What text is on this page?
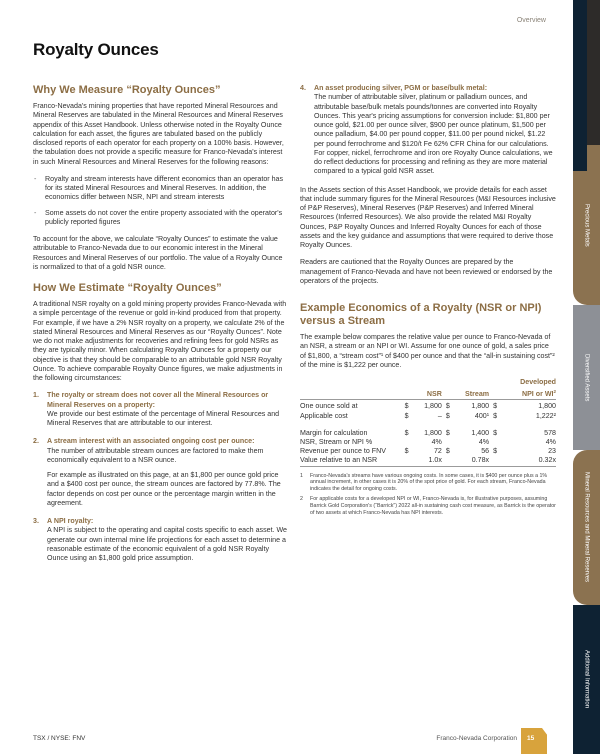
Overview
Royalty Ounces
Why We Measure “Royalty Ounces”

Franco-Nevada's mining properties that have reported Mineral Resources and Mineral Reserves are tabulated in the Mineral Resources and Mineral Reserves appendix of this Asset Handbook. Unless otherwise noted in the Royalty Ounce calculation for each asset, the figures are tabulated based on the publicly disclosed reports of each operator for each property on a 100% basis. However, the tabulation does not provide a specific measure for Franco-Nevada's interest in such Mineral Resources and Mineral Reserves for the following reasons:

- Royalty and stream interests have different economics than an operator has for its stated Mineral Resources and Mineral Reserves. In addition, the economics differ between NSR, NPI and stream interests
- Some assets do not cover the entire property associated with the operator's publicly reported figures

To account for the above, we calculate “Royalty Ounces” to estimate the value attributable to Franco-Nevada due to our economic interest in the Mineral Resources and Mineral Reserves of our portfolio. The value of a Royalty Ounce is normalized to that of a gold NSR ounce.

How We Estimate “Royalty Ounces”

A traditional NSR royalty on a gold mining property provides Franco-Nevada with a simple percentage of the revenue or gold in-kind produced from that property. For example, if we have a 2% NSR royalty on a property, we calculate 2% of the stated Mineral Resources and Mineral Reserves as our “Royalty Ounces”. Note we do not make adjustments for recoveries and refining fees for gold NSRs as they are typically minor. When calculating Royalty Ounces for a property our objective is that they should be comparable to an attributable gold NSR Royalty Ounce. To achieve comparable Royalty Ounce figures, we make adjustments in the following circumstances:

1. The royalty or stream does not cover all the Mineral Resources or Mineral Reserves on a property:

We provide our best estimate of the percentage of Mineral Resources and Mineral Reserves that are attributable to our interest.

2. A stream interest with an associated ongoing cost per ounce:

The number of attributable stream ounces are factored to make them economically equivalent to a NSR ounce.

For example as illustrated on this page, at an $1,800 per ounce gold price and a $400 cost per ounce, the stream ounces are factored by 77.8%. The factor depends on cost per ounce or the percentage margin written in the agreement.

3. A NPI royalty:

A NPI is subject to the operating and capital costs specific to each asset. We generate our own internal mine life projections for each asset to determine a reasonable estimate of the economic equivalent of a gold NSR Royalty Ounce using an $1,800 gold price assumption.

4. An asset producing silver, PGM or base/bulk metal:

The number of attributable silver, platinum or palladium ounces, and attributable base/bulk metals pounds/tonnes are converted into Royalty Ounces. This year's pricing assumptions for conversion include: $1,800 per ounce gold, $21.00 per ounce silver, $900 per ounce platinum, $1,500 per ounce palladium, $4.00 per pound copper, $11.00 per pound nickel, $1.22 per pound ferrochrome and $120/t Fe 62% CFR China for our calculations. For copper, nickel, ferrochrome and iron ore Royalty Ounce calculations, we do reflect deductions for processing and refining as they are more material compared to a typical gold NSR asset.

In the Assets section of this Asset Handbook, we provide details for each asset that include summary figures for the Mineral Resources (M&I Resources inclusive of P&P Reserves), Mineral Reserves (P&P Reserves) and Inferred Mineral Resources (Inferred Resources). We also provide the related M&I Royalty Ounces, P&P Royalty Ounces and Inferred Royalty Ounces for each of those assets and the key guidance and assumptions that were required to derive those Royalty Ounces.

Readers are cautioned that the Royalty Ounces are prepared by the management of Franco-Nevada and have not been reviewed or endorsed by the operators of the projects.

Example Economics of a Royalty (NSR or NPI) versus a Stream

The example below compares the relative value per ounce to Franco-Nevada of an NSR, a stream or an NPI or WI. Assume for one ounce of gold, a sales price of $1,800, a “stream cost”¹ of $400 per ounce and that the “all-in sustaining cost”² of the mine is $1,222 per ounce.

		NSR		Stream		Developed
NPI or $WI^2$
One ounce sold at	$	1,800	$	1,800	$	1,800
Applicable cost	$	–	$	400¹	$	1,222²
Margin for calculation	$	1,800	$	1,400	$	578
NSR, Stream or NPI %		4%		4%		4%
Revenue per ounce to FNV	$	72	$	56	$	23
Value relative to an NSR		1.0x		0.78x		0.32x
1 Franco-Nevada's streams have various ongoing costs. In some cases, it is $400 per ounce plus a 1% annual increment, in other cases it is 20% of the spot price of gold. For each stream, Franco-Nevada indicates the detail for ongoing costs.
2 For applicable costs for a developed NPI or WI, Franco-Nevada is, for illustrative purposes, assuming Barrick Gold Corporation's (“Barrick”) 2022 all-in sustaining cash cost measure, as Barrick is the operator of two assets at which Franco-Nevada has NPI interests.
TSX / NYSE: FNV	Franco-Nevada Corporation 15
Precious Metals
Diversified Assets
Mineral Resources and Mineral Reserves
Additional Information
